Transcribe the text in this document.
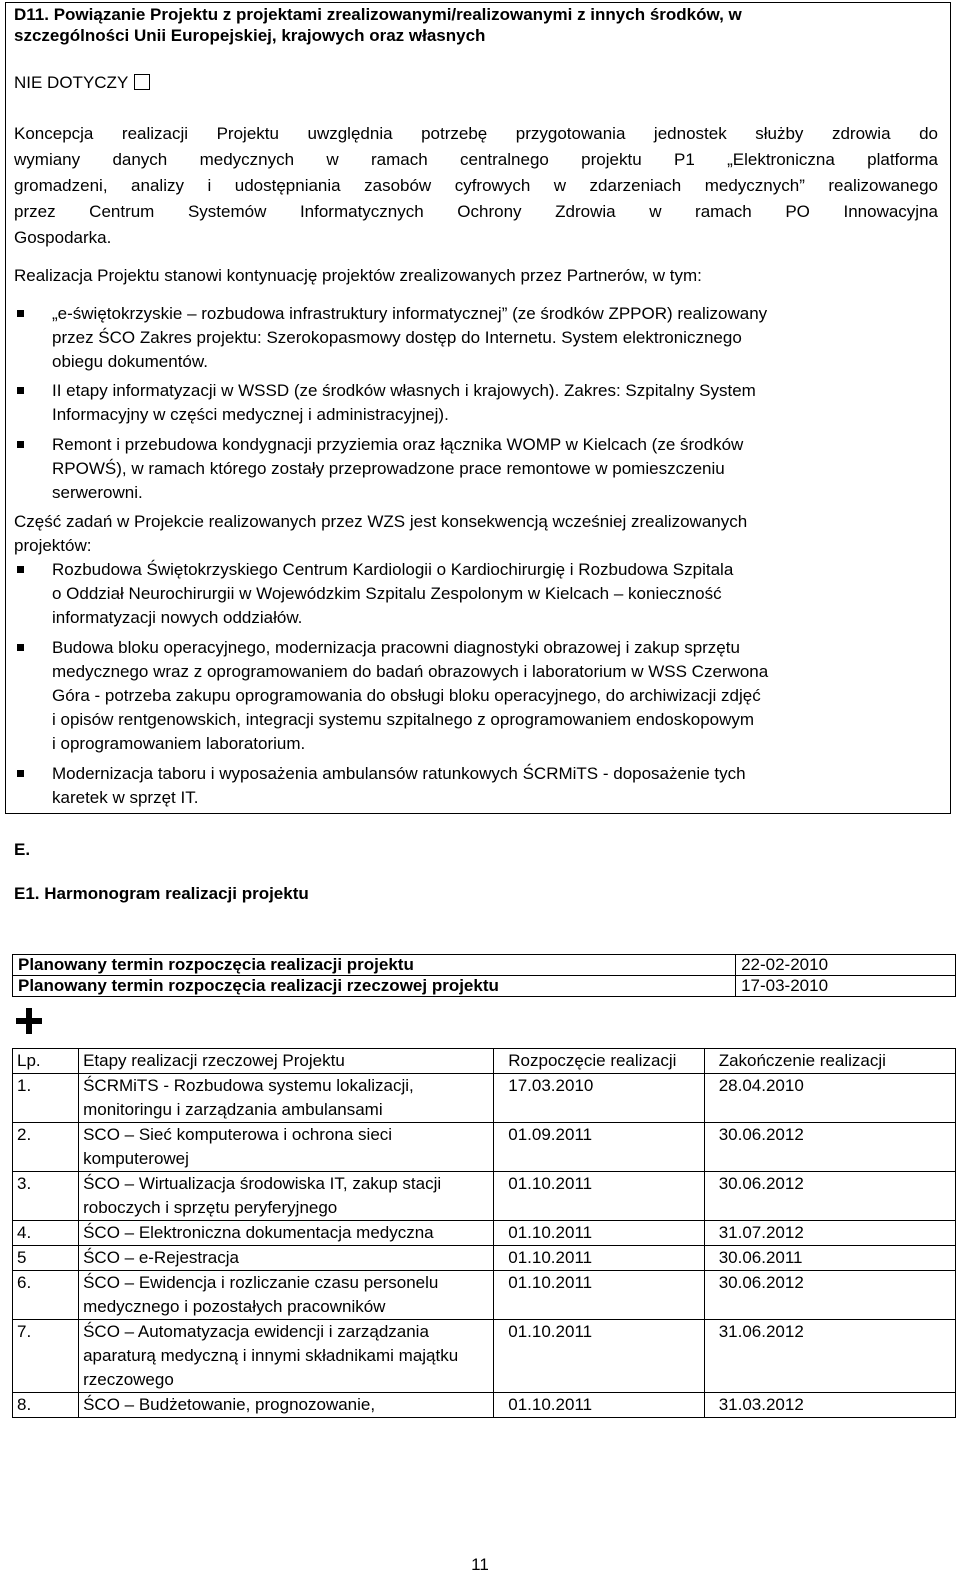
D11. Powiązanie Projektu z projektami zrealizowanymi/realizowanymi z innych środków, w
szczególności Unii Europejskiej, krajowych oraz własnych
NIE DOTYCZY
Koncepcja realizacji Projektu uwzględnia potrzebę przygotowania jednostek służby zdrowia do
wymiany danych medycznych w ramach centralnego projektu P1 „Elektroniczna platforma
gromadzeni, analizy i udostępniania zasobów cyfrowych w zdarzeniach medycznych” realizowanego
przez Centrum Systemów Informatycznych Ochrony Zdrowia w ramach PO Innowacyjna
Gospodarka.
Realizacja Projektu stanowi kontynuację projektów zrealizowanych przez Partnerów, w tym:
„e-świętokrzyskie – rozbudowa infrastruktury informatycznej” (ze środków ZPPOR) realizowany
przez ŚCO Zakres projektu: Szerokopasmowy dostęp do Internetu. System elektronicznego
obiegu dokumentów.
II etapy informatyzacji w WSSD (ze środków własnych i krajowych). Zakres: Szpitalny System
Informacyjny w części medycznej i administracyjnej).
Remont i przebudowa kondygnacji przyziemia oraz łącznika WOMP w Kielcach (ze środków
RPOWŚ), w ramach którego zostały przeprowadzone prace remontowe w pomieszczeniu
serwerowni.
Część zadań w Projekcie realizowanych przez WZS jest konsekwencją wcześniej zrealizowanych
projektów:
Rozbudowa Świętokrzyskiego Centrum Kardiologii o Kardiochirurgię i Rozbudowa Szpitala
o Oddział Neurochirurgii w Wojewódzkim Szpitalu Zespolonym w Kielcach – konieczność
informatyzacji nowych oddziałów.
Budowa bloku operacyjnego, modernizacja pracowni diagnostyki obrazowej i zakup sprzętu
medycznego wraz z oprogramowaniem do badań obrazowych i laboratorium w WSS Czerwona
Góra - potrzeba zakupu oprogramowania do obsługi bloku operacyjnego, do archiwizacji zdjęć
i opisów rentgenowskich, integracji systemu szpitalnego z oprogramowaniem endoskopowym
i oprogramowaniem laboratorium.
Modernizacja taboru i wyposażenia ambulansów ratunkowych ŚCRMiTS - doposażenie tych
karetek w sprzęt IT.
E.
E1. Harmonogram realizacji projektu
Planowany termin rozpoczęcia realizacji projektu	22-02-2010
Planowany termin rozpoczęcia realizacji rzeczowej projektu	17-03-2010
Lp.	Etapy realizacji rzeczowej Projektu	Rozpoczęcie realizacji	Zakończenie realizacji
1.	ŚCRMiTS - Rozbudowa systemu lokalizacji, monitoringu i zarządzania ambulansami	17.03.2010	28.04.2010
2.	SCO – Sieć komputerowa i ochrona sieci komputerowej	01.09.2011	30.06.2012
3.	ŚCO – Wirtualizacja środowiska IT, zakup stacji roboczych i sprzętu peryferyjnego	01.10.2011	30.06.2012
4.	ŚCO – Elektroniczna dokumentacja medyczna	01.10.2011	31.07.2012
5	ŚCO – e-Rejestracja	01.10.2011	30.06.2011
6.	ŚCO – Ewidencja i rozliczanie czasu personelu medycznego i pozostałych pracowników	01.10.2011	30.06.2012
7.	ŚCO – Automatyzacja ewidencji i zarządzania aparaturą medyczną i innymi składnikami majątku rzeczowego	01.10.2011	31.06.2012
8.	ŚCO – Budżetowanie, prognozowanie,	01.10.2011	31.03.2012
11
